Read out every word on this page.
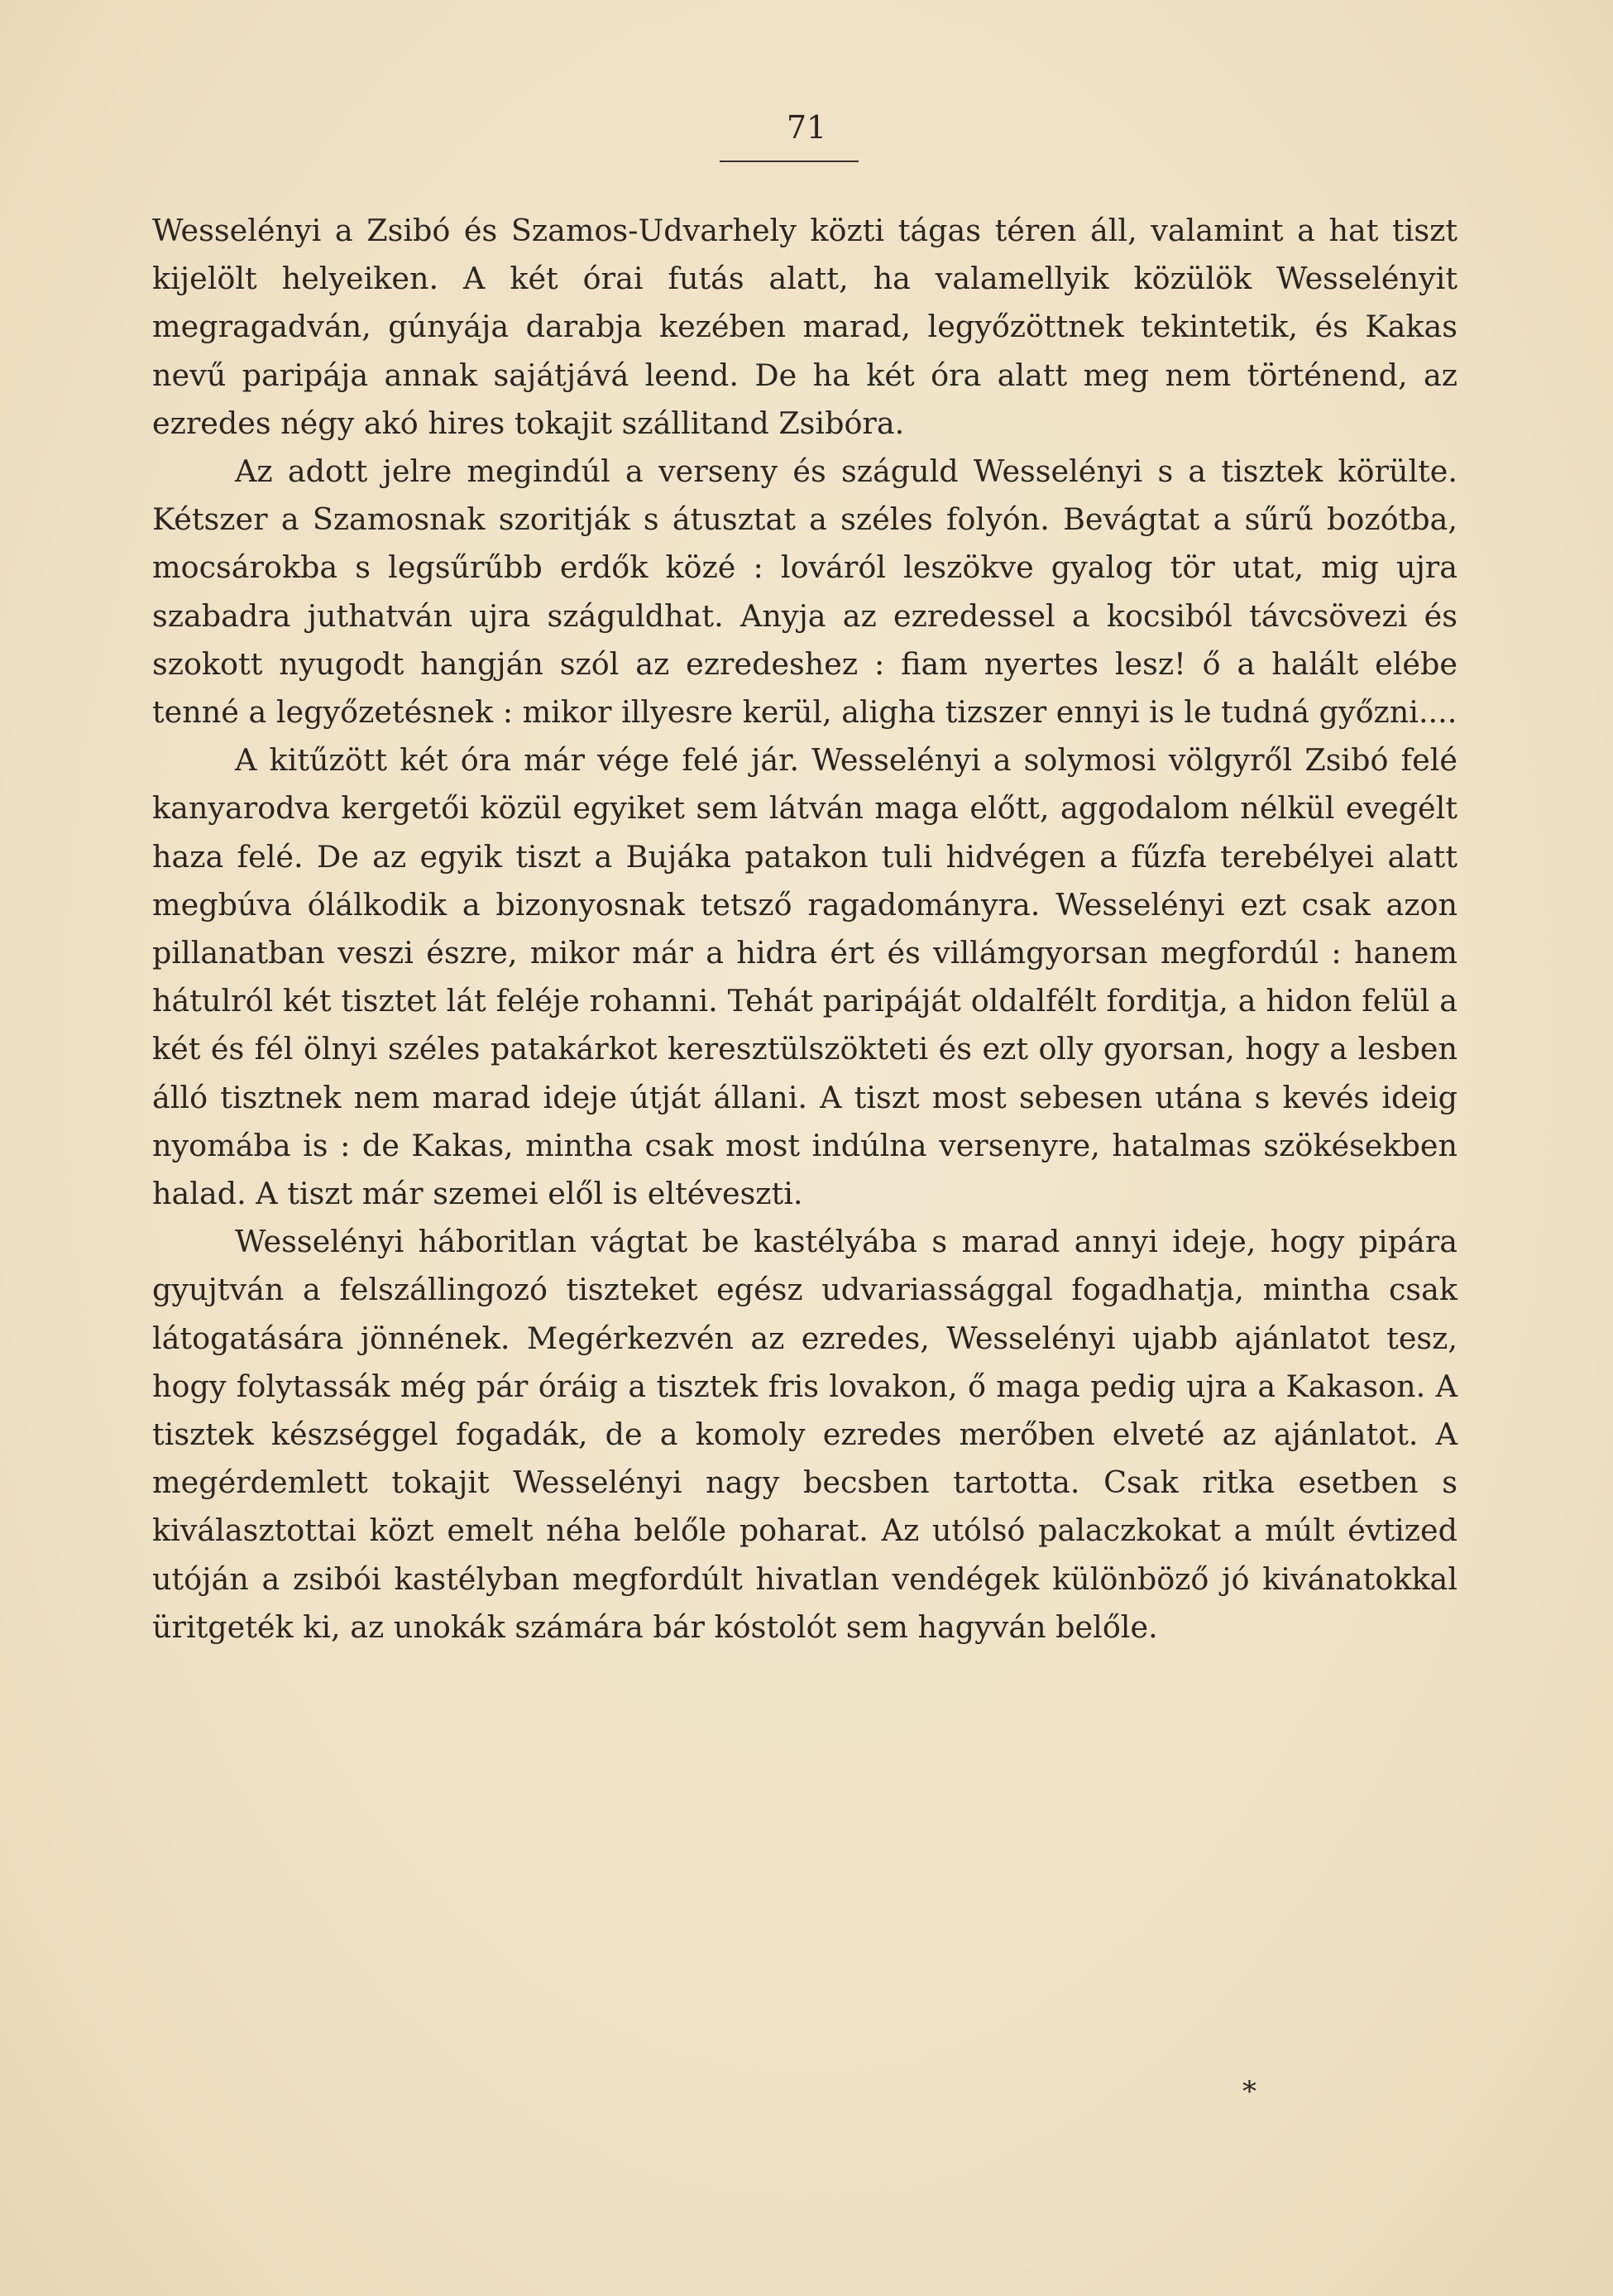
71

Wesselényi a Zsibó és Szamos-Udvarhely közti tágas téren áll, valamint a hat tiszt kijelölt helyeiken. A két órai futás alatt, ha valamellyik közülök Wesselényit megragadván, gúnyája darabja kezében marad, legyőzöttnek tekintetik, és Kakas nevű paripája annak sajátjává leend. De ha két óra alatt meg nem történend, az ezredes négy akó hires tokajit szállitand Zsibóra.

Az adott jelre megindúl a verseny és száguld Wesselényi s a tisztek körülte. Kétszer a Szamosnak szoritják s átusztat a széles folyón. Bevágtat a sűrű bozótba, mocsárokba s legsűrűbb erdők közé : lováról leszökve gyalog tör utat, mig ujra szabadra juthatván ujra száguldhat. Anyja az ezredessel a kocsiból távcsövezi és szokott nyugodt hangján szól az ezredeshez : fiam nyertes lesz! ő a halált elébe tenné a legyőzetésnek : mikor illyesre kerül, aligha tizszer ennyi is le tudná győzni....

A kitűzött két óra már vége felé jár. Wesselényi a solymosi völgyről Zsibó felé kanyarodva kergetői közül egyiket sem látván maga előtt, aggodalom nélkül evegélt haza felé. De az egyik tiszt a Bujáka patakon tuli hidvégen a fűzfa terebélyei alatt megbúva ólálkodik a bizonyosnak tetsző ragadományra. Wesselényi ezt csak azon pillanatban veszi észre, mikor már a hidra ért és villámgyorsan megfordúl : hanem hátulról két tisztet lát feléje rohanni. Tehát paripáját oldalfélt forditja, a hidon felül a két és fél ölnyi széles patakárkot keresztülszökteti és ezt olly gyorsan, hogy a lesben álló tisztnek nem marad ideje útját állani. A tiszt most sebesen utána s kevés ideig nyomába is : de Kakas, mintha csak most indúlna versenyre, hatalmas szökésekben halad. A tiszt már szemei elől is eltéveszti.

Wesselényi háboritlan vágtat be kastélyába s marad annyi ideje, hogy pipára gyujtván a felszállingozó tiszteket egész udvariassággal fogadhatja, mintha csak látogatására jönnének. Megérkezvén az ezredes, Wesselényi ujabb ajánlatot tesz, hogy folytassák még pár óráig a tisztek fris lovakon, ő maga pedig ujra a Kakason. A tisztek készséggel fogadák, de a komoly ezredes merőben elveté az ajánlatot. A megérdemlett tokajit Wesselényi nagy becsben tartotta. Csak ritka esetben s kiválasztottai közt emelt néha belőle poharat. Az utólsó palaczkokat a múlt évtized utóján a zsibói kastélyban megfordúlt hivatlan vendégek különböző jó kivánatokkal üritgeték ki, az unokák számára bár kóstolót sem hagyván belőle.

*
